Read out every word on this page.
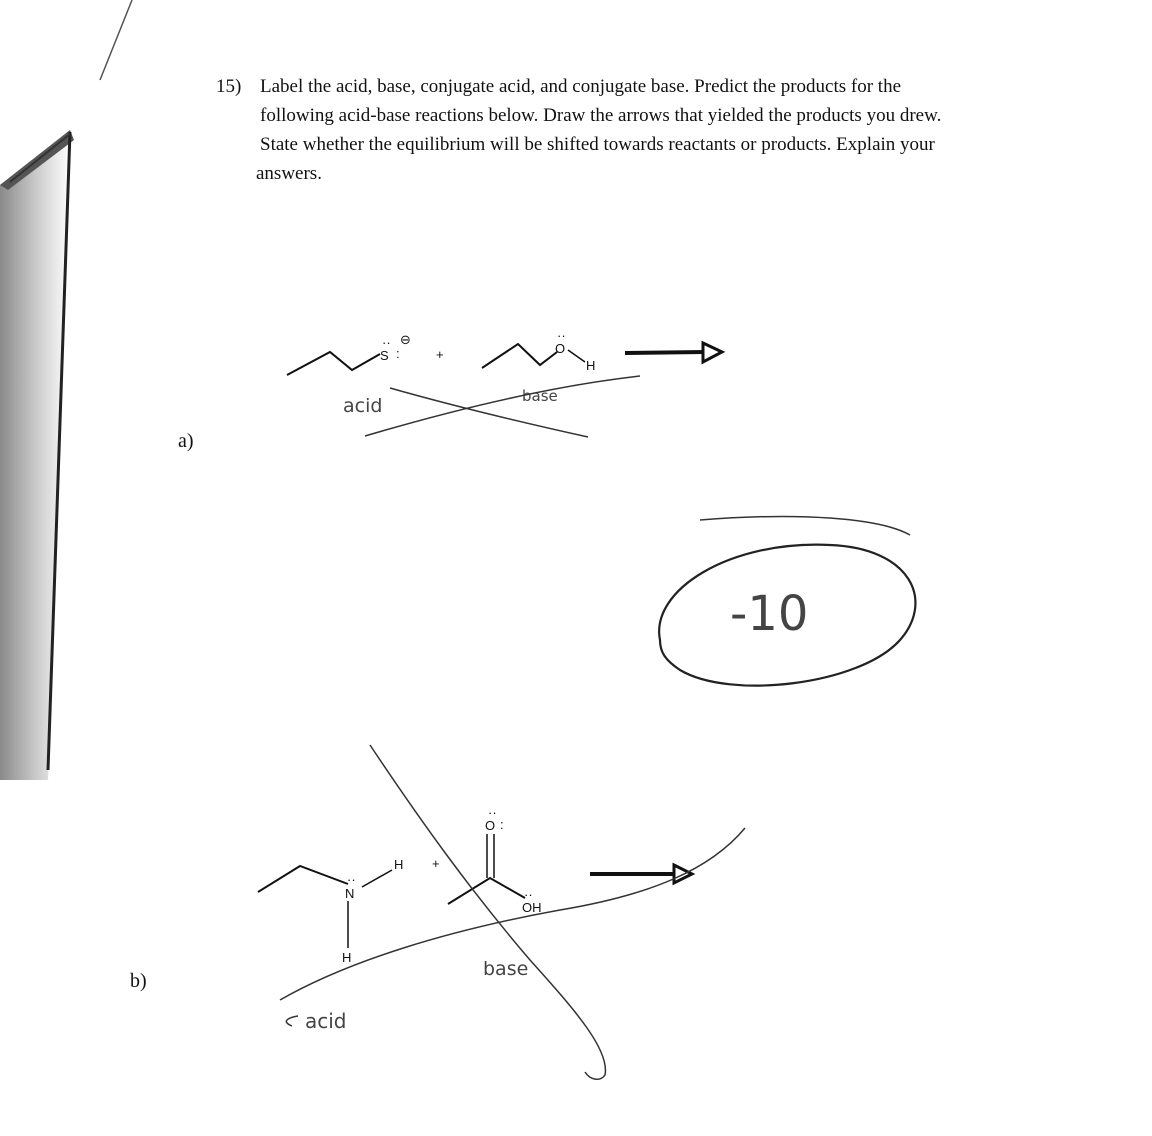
15) Label the acid, base, conjugate acid, and conjugate base. Predict the products for the
following acid-base reactions below. Draw the arrows that yielded the products you drew.
State whether the equilibrium will be shifted towards reactants or products. Explain your
answers.
a)
b)
S
··
:
⊖
+	O
··
H
acid	base
-10
N
··
H
H
+
O
··
:
OH
··
acid
base
